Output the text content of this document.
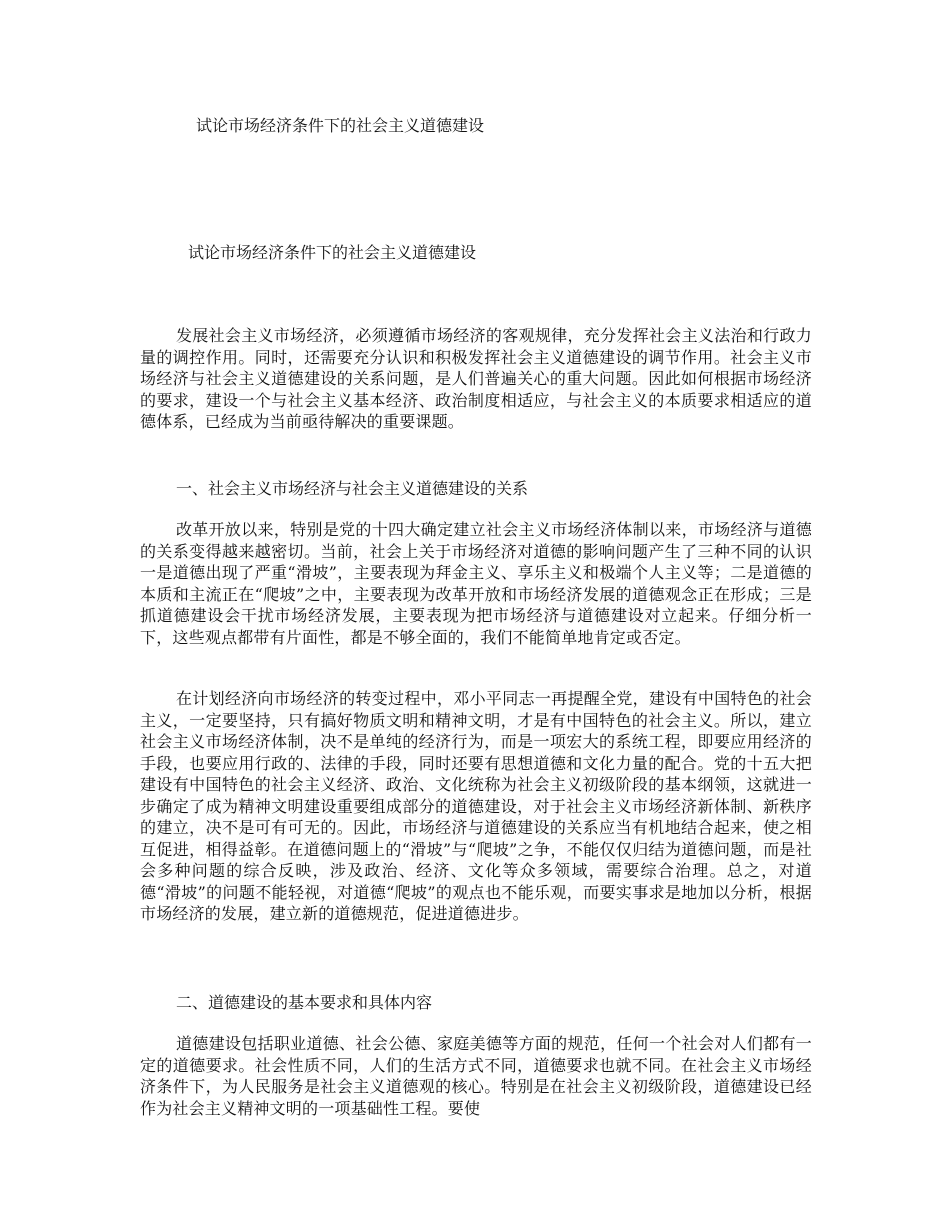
试论市场经济条件下的社会主义道德建设
试论市场经济条件下的社会主义道德建设

发展社会主义市场经济，必须遵循市场经济的客观规律，充分发挥社会主义法治和行政力量的调控作用。同时，还需要充分认识和积极发挥社会主义道德建设的调节作用。社会主义市场经济与社会主义道德建设的关系问题，是人们普遍关心的重大问题。因此如何根据市场经济的要求，建设一个与社会主义基本经济、政治制度相适应，与社会主义的本质要求相适应的道德体系，已经成为当前亟待解决的重要课题。

一、社会主义市场经济与社会主义道德建设的关系

改革开放以来，特别是党的十四大确定建立社会主义市场经济体制以来，市场经济与道德的关系变得越来越密切。当前，社会上关于市场经济对道德的影响问题产生了三种不同的认识一是道德出现了严重“滑坡”，主要表现为拜金主义、享乐主义和极端个人主义等；二是道德的本质和主流正在“爬坡”之中，主要表现为改革开放和市场经济发展的道德观念正在形成；三是抓道德建设会干扰市场经济发展，主要表现为把市场经济与道德建设对立起来。仔细分析一下，这些观点都带有片面性，都是不够全面的，我们不能简单地肯定或否定。

在计划经济向市场经济的转变过程中，邓小平同志一再提醒全党，建设有中国特色的社会主义，一定要坚持，只有搞好物质文明和精神文明，才是有中国特色的社会主义。所以，建立社会主义市场经济体制，决不是单纯的经济行为，而是一项宏大的系统工程，即要应用经济的手段，也要应用行政的、法律的手段，同时还要有思想道德和文化力量的配合。党的十五大把建设有中国特色的社会主义经济、政治、文化统称为社会主义初级阶段的基本纲领，这就进一步确定了成为精神文明建设重要组成部分的道德建设，对于社会主义市场经济新体制、新秩序的建立，决不是可有可无的。因此，市场经济与道德建设的关系应当有机地结合起来，使之相互促进，相得益彰。在道德问题上的“滑坡”与“爬坡”之争，不能仅仅归结为道德问题，而是社会多种问题的综合反映，涉及政治、经济、文化等众多领域，需要综合治理。总之，对道德“滑坡”的问题不能轻视，对道德“爬坡”的观点也不能乐观，而要实事求是地加以分析，根据市场经济的发展，建立新的道德规范，促进道德进步。

二、道德建设的基本要求和具体内容

道德建设包括职业道德、社会公德、家庭美德等方面的规范，任何一个社会对人们都有一定的道德要求。社会性质不同，人们的生活方式不同，道德要求也就不同。在社会主义市场经济条件下，为人民服务是社会主义道德观的核心。特别是在社会主义初级阶段，道德建设已经作为社会主义精神文明的一项基础性工程。要使
